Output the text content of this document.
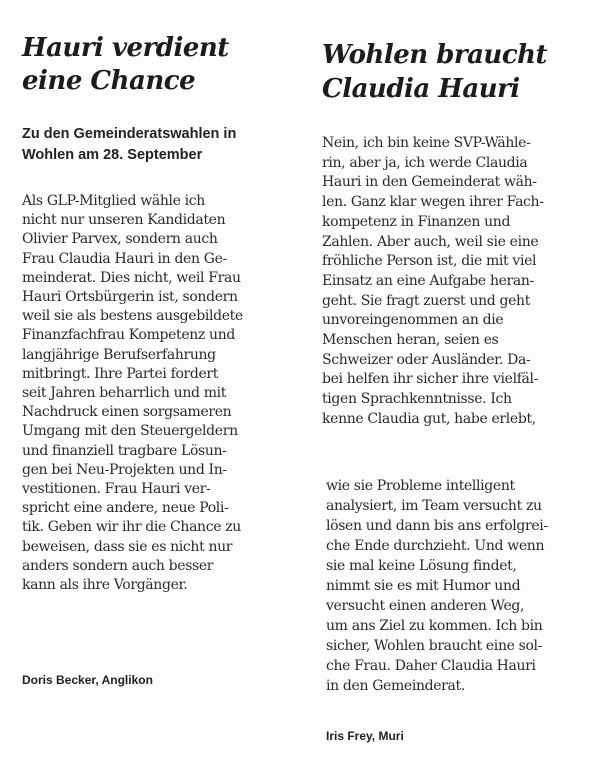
Hauri verdient
eine Chance

Zu den Gemeinderatswahlen in
Wohlen am 28. September

Als GLP-Mitglied wähle ich
nicht nur unseren Kandidaten
Olivier Parvex, sondern auch
Frau Claudia Hauri in den Ge-
meinderat. Dies nicht, weil Frau
Hauri Ortsbürgerin ist, sondern
weil sie als bestens ausgebildete
Finanzfachfrau Kompetenz und
langjährige Berufserfahrung
mitbringt. Ihre Partei fordert
seit Jahren beharrlich und mit
Nachdruck einen sorgsameren
Umgang mit den Steuergeldern
und finanziell tragbare Lösun-
gen bei Neu-Projekten und In-
vestitionen. Frau Hauri ver-
spricht eine andere, neue Poli-
tik. Geben wir ihr die Chance zu
beweisen, dass sie es nicht nur
anders sondern auch besser
kann als ihre Vorgänger.

Doris Becker, Anglikon

Wohlen braucht
Claudia Hauri
Nein, ich bin keine SVP-Wähle-
rin, aber ja, ich werde Claudia
Hauri in den Gemeinderat wäh-
len. Ganz klar wegen ihrer Fach-
kompetenz in Finanzen und
Zahlen. Aber auch, weil sie eine
fröhliche Person ist, die mit viel
Einsatz an eine Aufgabe heran-
geht. Sie fragt zuerst und geht
unvoreingenommen an die
Menschen heran, seien es
Schweizer oder Ausländer. Da-
bei helfen ihr sicher ihre vielfäl-
tigen Sprachkenntnisse. Ich
kenne Claudia gut, habe erlebt,
wie sie Probleme intelligent
analysiert, im Team versucht zu
lösen und dann bis ans erfolgrei-
che Ende durchzieht. Und wenn
sie mal keine Lösung findet,
nimmt sie es mit Humor und
versucht einen anderen Weg,
um ans Ziel zu kommen. Ich bin
sicher, Wohlen braucht eine sol-
che Frau. Daher Claudia Hauri
in den Gemeinderat.

Iris Frey, Muri
